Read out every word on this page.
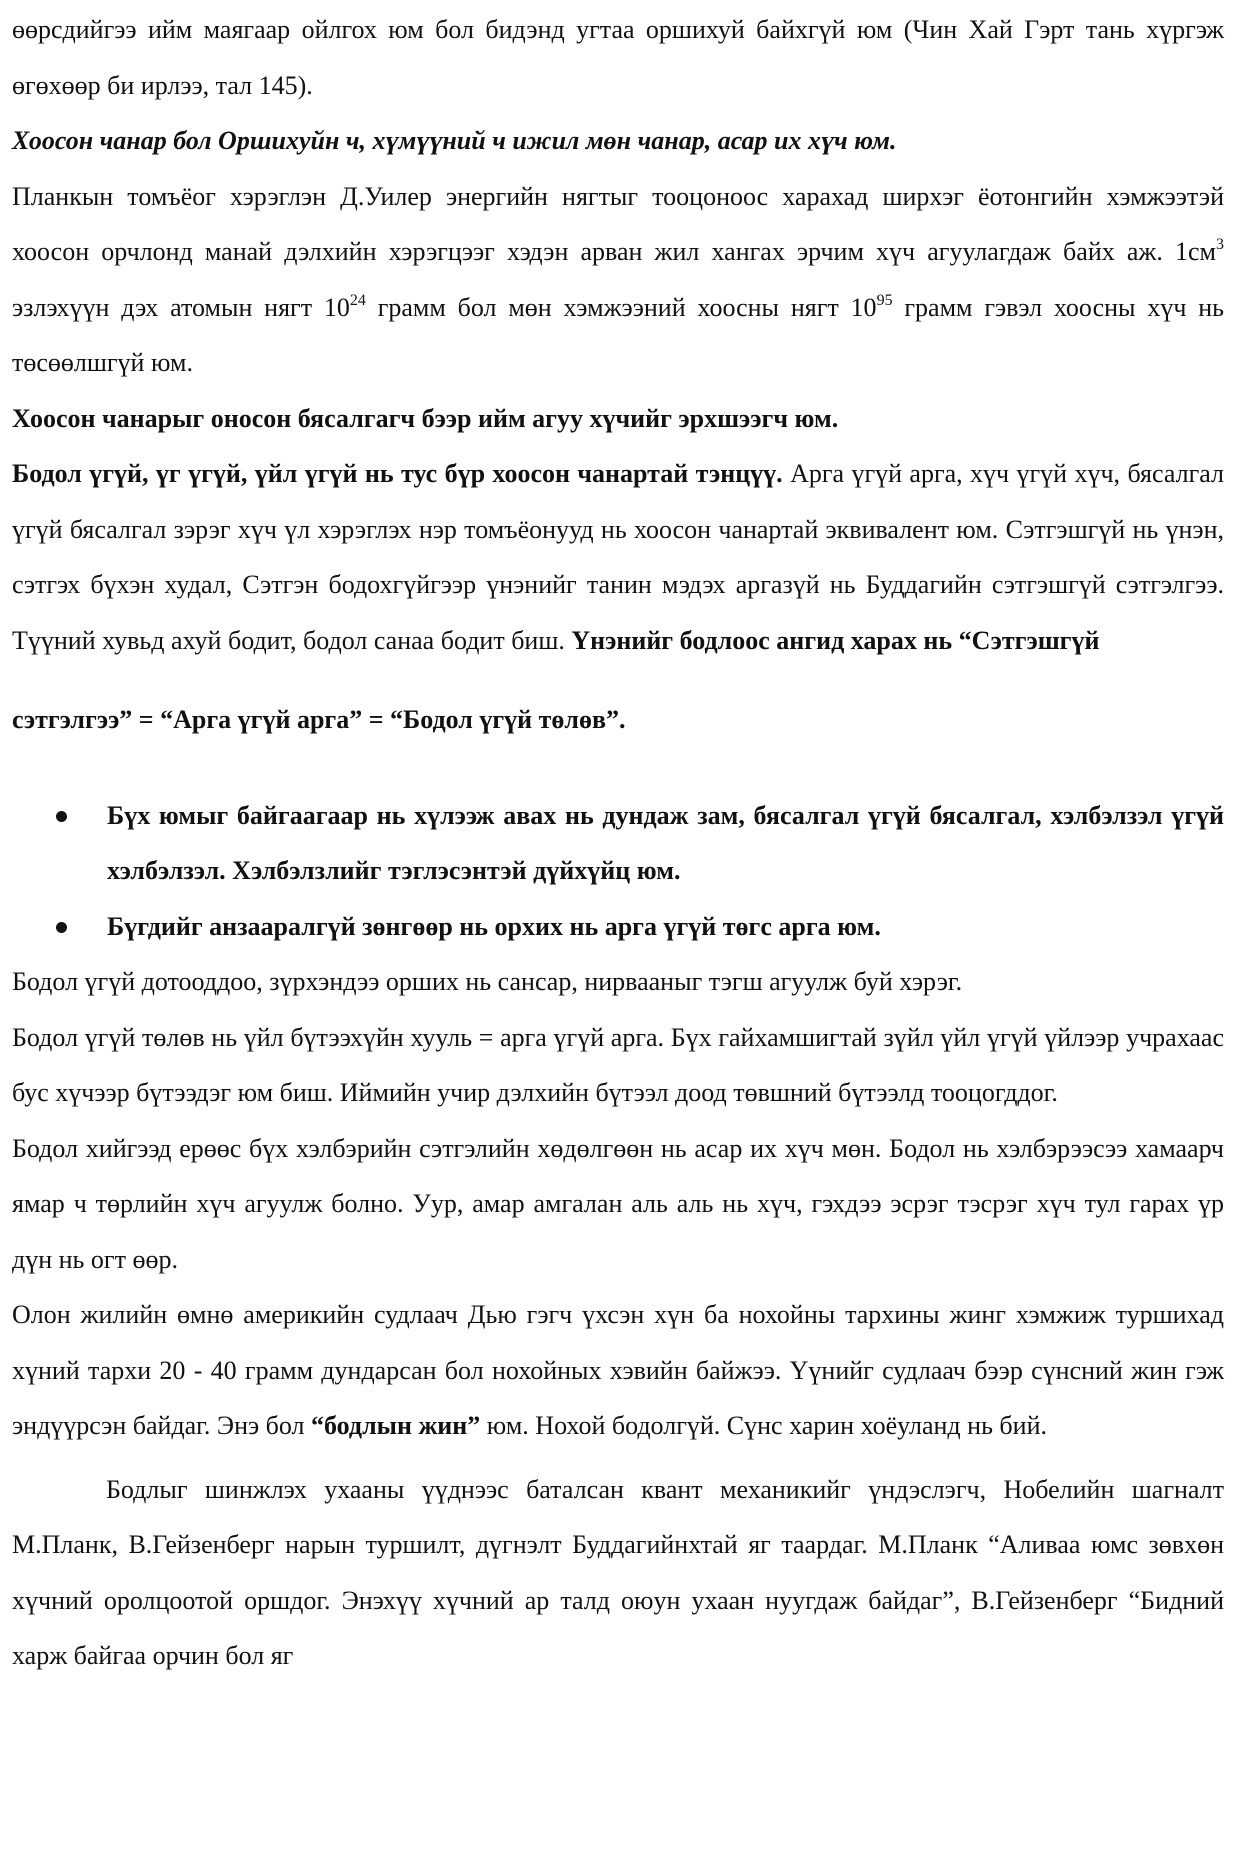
өөрсдийгээ ийм маягаар ойлгох юм бол бидэнд угтаа оршихуй байхгүй юм (Чин Хай Гэрт тань хүргэж өгөхөөр би ирлээ, тал 145).

Хоосон чанар бол Оршихуйн ч, хүмүүний ч ижил мөн чанар, асар их хүч юм.

Планкын томъёог хэрэглэн Д.Уилер энергийн нягтыг тооцоноос харахад ширхэг ёотонгийн хэмжээтэй хоосон орчлонд манай дэлхийн хэрэгцээг хэдэн арван жил хангах эрчим хүч агуулагдаж байх аж. $1см^3$ эзлэхүүн дэх атомын нягт $10^{24}$ грамм бол мөн хэмжээний хоосны нягт $10^{95}$ грамм гэвэл хоосны хүч нь төсөөлшгүй юм.

Хоосон чанарыг оносон бясалгагч бээр ийм агуу хүчийг эрхшээгч юм.

Бодол үгүй, үг үгүй, үйл үгүй нь тус бүр хоосон чанартай тэнцүү. Арга үгүй арга, хүч үгүй хүч, бясалгал үгүй бясалгал зэрэг хүч үл хэрэглэх нэр томъёонууд нь хоосон чанартай эквивалент юм. Сэтгэшгүй нь үнэн, сэтгэх бүхэн худал, Сэтгэн бодохгүйгээр үнэнийг танин мэдэх аргазүй нь Буддагийн сэтгэшгүй сэтгэлгээ. Түүний хувьд ахуй бодит, бодол санаа бодит биш. Үнэнийг бодлоос ангид харах нь “Сэтгэшгүй

сэтгэлгээ” = “Арга үгүй арга” = “Бодол үгүй төлөв”.

Бүх юмыг байгаагаар нь хүлээж авах нь дундаж зам, бясалгал үгүй бясалгал, хэлбэлзэл үгүй хэлбэлзэл. Хэлбэлзлийг тэглэсэнтэй дүйхүйц юм.
Бүгдийг анзааралгүй зөнгөөр нь орхих нь арга үгүй төгс арга юм.

Бодол үгүй дотооддоо, зүрхэндээ орших нь сансар, нирвааныг тэгш агуулж буй хэрэг.

Бодол үгүй төлөв нь үйл бүтээхүйн хууль = арга үгүй арга. Бүх гайхамшигтай зүйл үйл үгүй үйлээр учрахаас бус хүчээр бүтээдэг юм биш. Иймийн учир дэлхийн бүтээл доод төвшний бүтээлд тооцогддог.

Бодол хийгээд ерөөс бүх хэлбэрийн сэтгэлийн хөдөлгөөн нь асар их хүч мөн. Бодол нь хэлбэрээсээ хамаарч ямар ч төрлийн хүч агуулж болно. Уур, амар амгалан аль аль нь хүч, гэхдээ эсрэг тэсрэг хүч тул гарах үр дүн нь огт өөр.

Олон жилийн өмнө америкийн судлаач Дью гэгч үхсэн хүн ба нохойны тархины жинг хэмжиж туршихад хүний тархи 20 - 40 грамм дундарсан бол нохойных хэвийн байжээ. Үүнийг судлаач бээр сүнсний жин гэж эндүүрсэн байдаг. Энэ бол “бодлын жин” юм. Нохой бодолгүй. Сүнс харин хоёуланд нь бий.

Бодлыг шинжлэх ухааны үүднээс баталсан квант механикийг үндэслэгч, Нобелийн шагналт М.Планк, В.Гейзенберг нарын туршилт, дүгнэлт Буддагийнхтай яг таардаг. М.Планк “Аливаа юмс зөвхөн хүчний оролцоотой оршдог. Энэхүү хүчний ар талд оюун ухаан нуугдаж байдаг”, В.Гейзенберг “Бидний харж байгаа орчин бол яг
